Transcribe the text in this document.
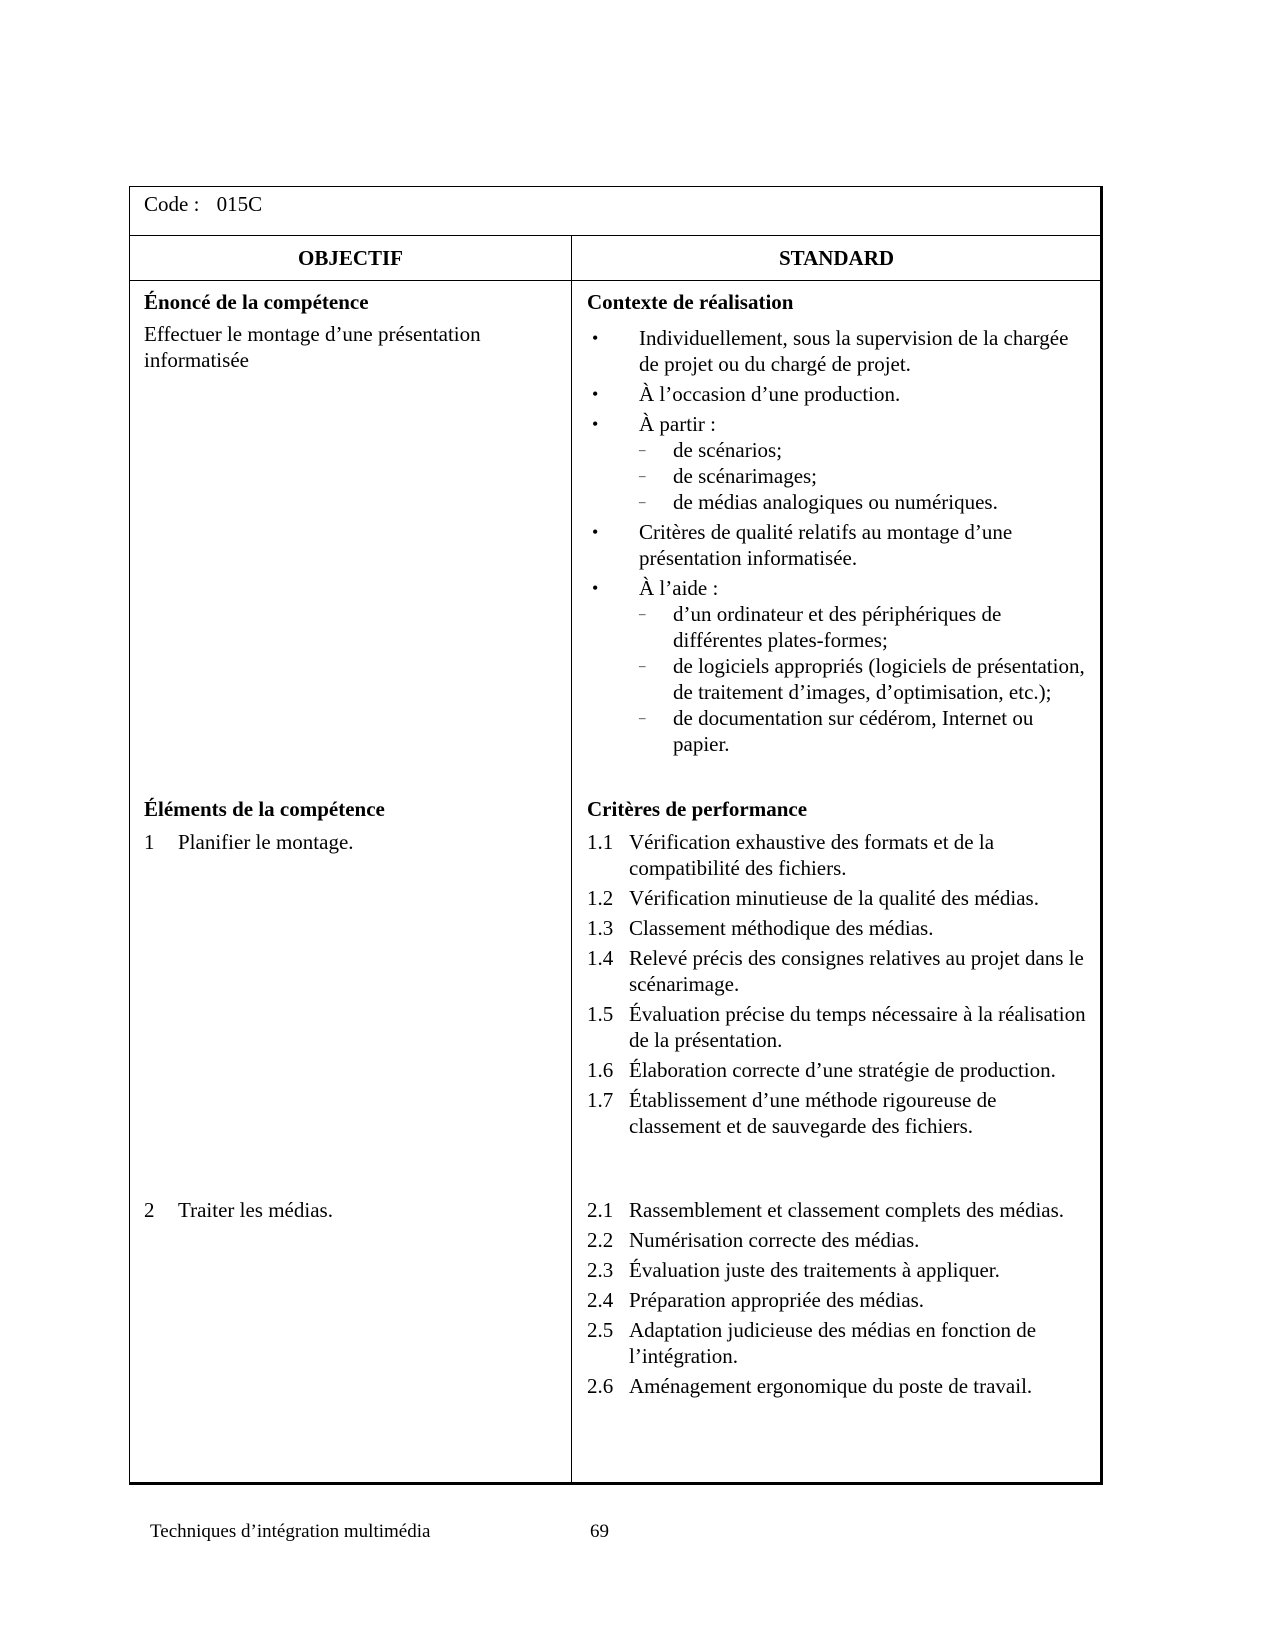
Code : 015C
OBJECTIF	STANDARD
Énoncé de la compétence
Effectuer le montage d’une présentation informatisée
Éléments de la compétence
1 Planifier le montage.
2 Traiter les médias.
Contexte de réalisation
• Individuellement, sous la supervision de la chargée de projet ou du chargé de projet.
• À l’occasion d’une production.
• À partir :
– de scénarios;
– de scénarimages;
– de médias analogiques ou numériques.
• Critères de qualité relatifs au montage d’une présentation informatisée.
• À l’aide :
– d’un ordinateur et des périphériques de différentes plates-formes;
– de logiciels appropriés (logiciels de présentation, de traitement d’images, d’optimisation, etc.);
– de documentation sur cédérom, Internet ou papier.
Critères de performance
1.1 Vérification exhaustive des formats et de la compatibilité des fichiers.
1.2 Vérification minutieuse de la qualité des médias.
1.3 Classement méthodique des médias.
1.4 Relevé précis des consignes relatives au projet dans le scénarimage.
1.5 Évaluation précise du temps nécessaire à la réalisation de la présentation.
1.6 Élaboration correcte d’une stratégie de production.
1.7 Établissement d’une méthode rigoureuse de classement et de sauvegarde des fichiers.
2.1 Rassemblement et classement complets des médias.
2.2 Numérisation correcte des médias.
2.3 Évaluation juste des traitements à appliquer.
2.4 Préparation appropriée des médias.
2.5 Adaptation judicieuse des médias en fonction de l’intégration.
2.6 Aménagement ergonomique du poste de travail.
Techniques d’intégration multimédia	69
